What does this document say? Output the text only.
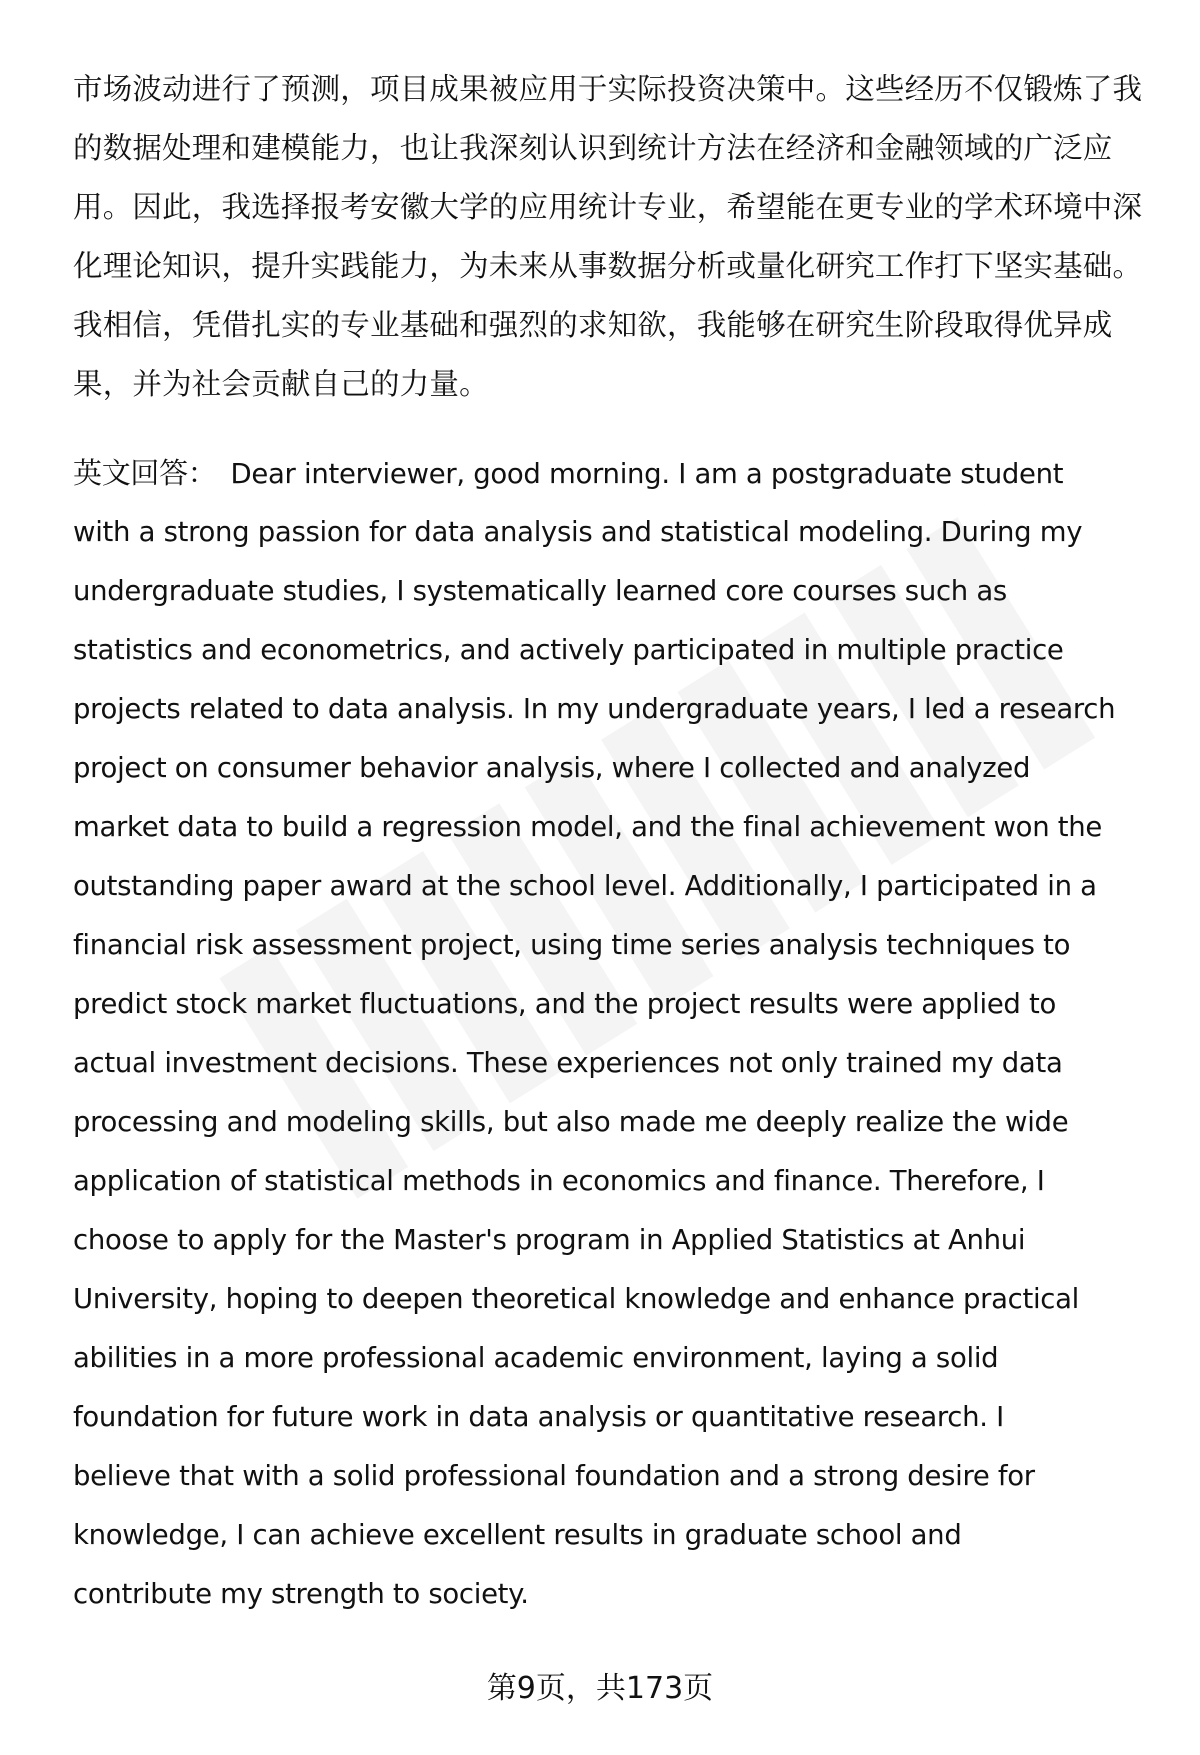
市场波动进行了预测，项目成果被应用于实际投资决策中。这些经历不仅锻炼了我
的数据处理和建模能力，也让我深刻认识到统计方法在经济和金融领域的广泛应
用。因此，我选择报考安徽大学的应用统计专业，希望能在更专业的学术环境中深
化理论知识，提升实践能力，为未来从事数据分析或量化研究工作打下坚实基础。
我相信，凭借扎实的专业基础和强烈的求知欲，我能够在研究生阶段取得优异成
果，并为社会贡献自己的力量。
英文回答： Dear interviewer, good morning. I am a postgraduate student
with a strong passion for data analysis and statistical modeling. During my
undergraduate studies, I systematically learned core courses such as
statistics and econometrics, and actively participated in multiple practice
projects related to data analysis. In my undergraduate years, I led a research
project on consumer behavior analysis, where I collected and analyzed
market data to build a regression model, and the final achievement won the
outstanding paper award at the school level. Additionally, I participated in a
financial risk assessment project, using time series analysis techniques to
predict stock market fluctuations, and the project results were applied to
actual investment decisions. These experiences not only trained my data
processing and modeling skills, but also made me deeply realize the wide
application of statistical methods in economics and finance. Therefore, I
choose to apply for the Master's program in Applied Statistics at Anhui
University, hoping to deepen theoretical knowledge and enhance practical
abilities in a more professional academic environment, laying a solid
foundation for future work in data analysis or quantitative research. I
believe that with a solid professional foundation and a strong desire for
knowledge, I can achieve excellent results in graduate school and
contribute my strength to society.
第9页，共173页
